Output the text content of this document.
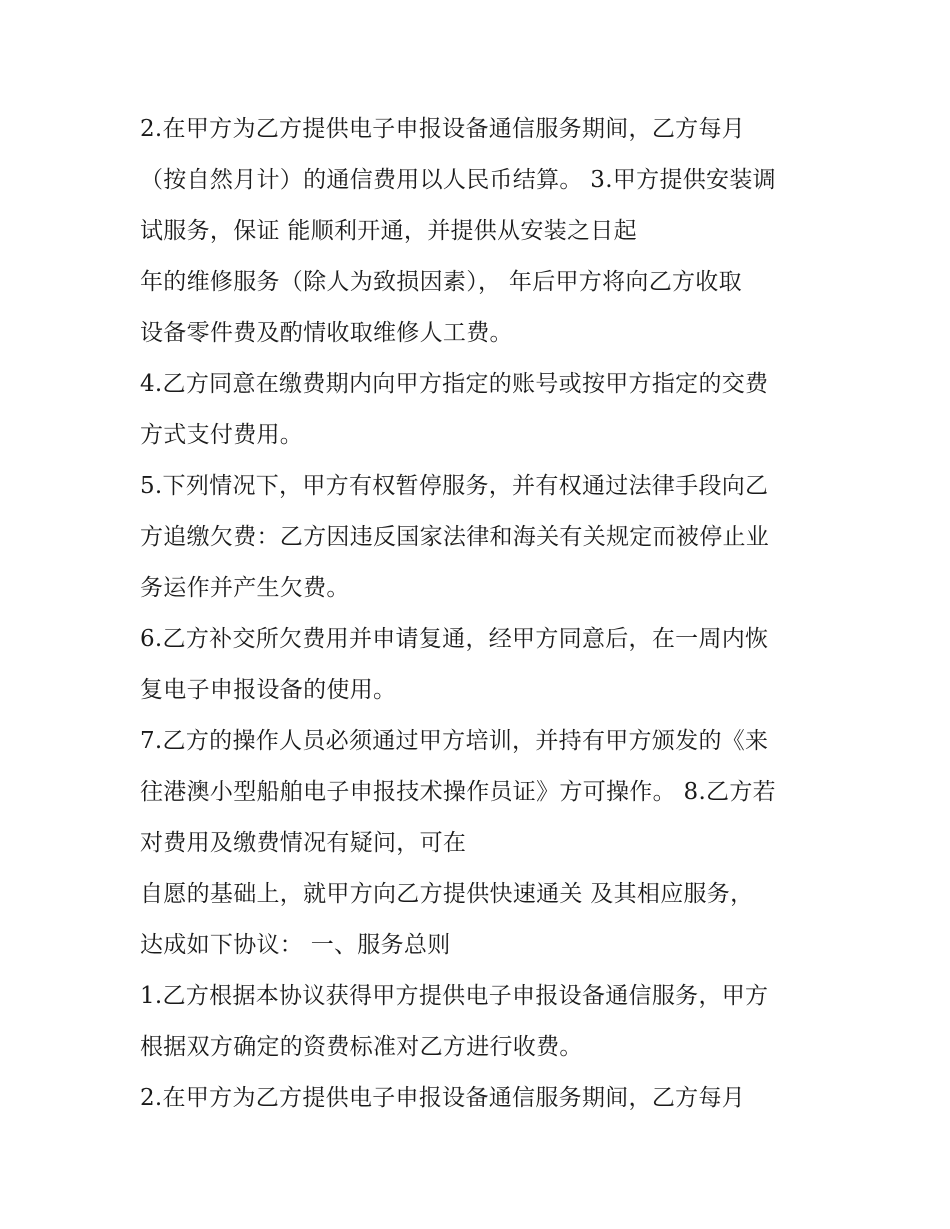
2.在甲方为乙方提供电子申报设备通信服务期间，乙方每月
（按自然月计）的通信费用以人民币结算。 3.甲方提供安装调
试服务，保证 能顺利开通，并提供从安装之日起
年的维修服务（除人为致损因素）， 年后甲方将向乙方收取
设备零件费及酌情收取维修人工费。
4.乙方同意在缴费期内向甲方指定的账号或按甲方指定的交费
方式支付费用。
5.下列情况下，甲方有权暂停服务，并有权通过法律手段向乙
方追缴欠费：乙方因违反国家法律和海关有关规定而被停止业
务运作并产生欠费。
6.乙方补交所欠费用并申请复通，经甲方同意后，在一周内恢
复电子申报设备的使用。
7.乙方的操作人员必须通过甲方培训，并持有甲方颁发的《来
往港澳小型船舶电子申报技术操作员证》方可操作。 8.乙方若
对费用及缴费情况有疑问，可在
自愿的基础上，就甲方向乙方提供快速通关 及其相应服务，
达成如下协议： 一、服务总则
1.乙方根据本协议获得甲方提供电子申报设备通信服务，甲方
根据双方确定的资费标准对乙方进行收费。
2.在甲方为乙方提供电子申报设备通信服务期间，乙方每月
